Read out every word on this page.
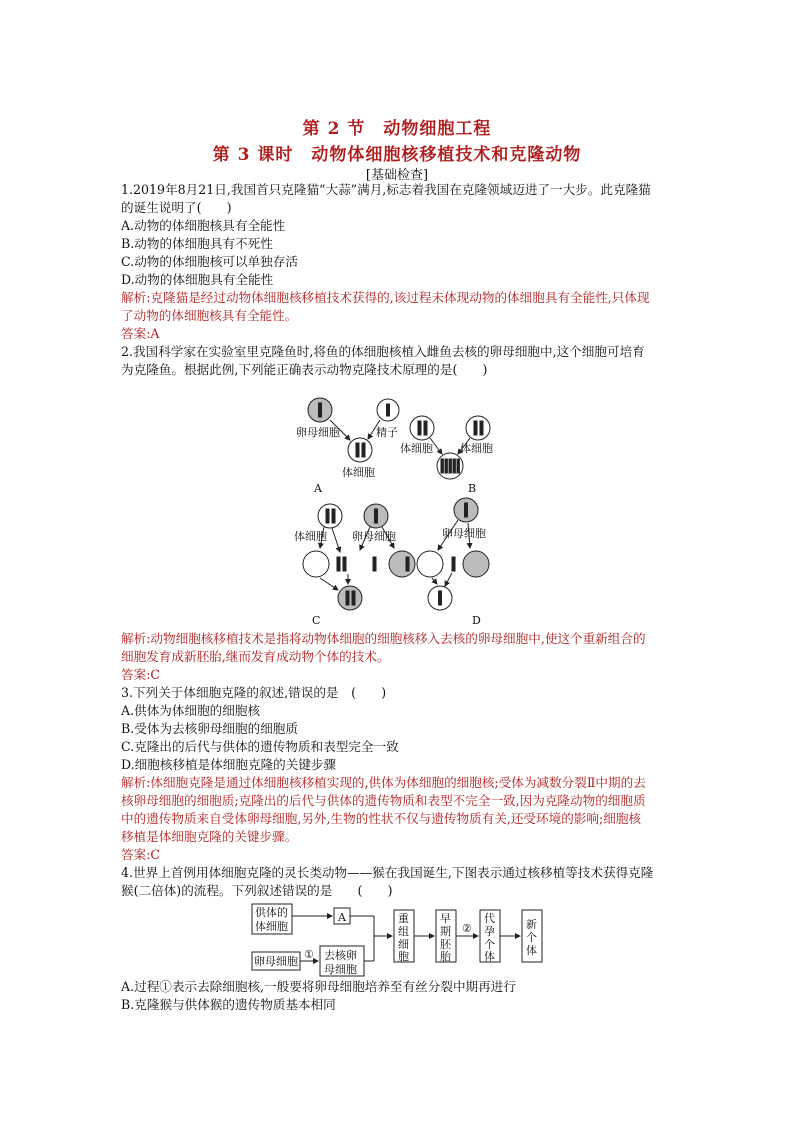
第 2 节　动物细胞工程
第 3 课时　动物体细胞核移植技术和克隆动物
[基础检查]
1.2019年8月21日,我国首只克隆猫“大蒜”满月,标志着我国在克隆领域迈进了一大步。此克隆猫
的诞生说明了(　　)
A.动物的体细胞核具有全能性
B.动物的体细胞具有不死性
C.动物的体细胞核可以单独存活
D.动物的体细胞具有全能性
解析:克隆猫是经过动物体细胞核移植技术获得的,该过程未体现动物的体细胞具有全能性,只体现
了动物的体细胞核具有全能性。
答案:A
2.我国科学家在实验室里克隆鱼时,将鱼的体细胞核植入雌鱼去核的卵母细胞中,这个细胞可培育
为克隆鱼。根据此例,下列能正确表示动物克隆技术原理的是(　　)
卵母细胞	精子
体细胞
体细胞 体细胞
体细胞 卵母细胞	卵母细胞
A	B
C	D
解析:动物细胞核移植技术是指将动物体细胞的细胞核移入去核的卵母细胞中,使这个重新组合的
细胞发育成新胚胎,继而发育成动物个体的技术。
答案:C
3.下列关于体细胞克隆的叙述,错误的是　(　　)
A.供体为体细胞的细胞核
B.受体为去核卵母细胞的细胞质
C.克隆出的后代与供体的遗传物质和表型完全一致
D.细胞核移植是体细胞克隆的关键步骤
解析:体细胞克隆是通过体细胞核移植实现的,供体为体细胞的细胞核;受体为减数分裂Ⅱ中期的去
核卵母细胞的细胞质;克隆出的后代与供体的遗传物质和表型不完全一致,因为克隆动物的细胞质
中的遗传物质来自受体卵母细胞,另外,生物的性状不仅与遗传物质有关,还受环境的影响;细胞核
移植是体细胞克隆的关键步骤。
答案:C
4.世界上首例用体细胞克隆的灵长类动物——猴在我国诞生,下图表示通过核移植等技术获得克隆
猴(二倍体)的流程。下列叙述错误的是　　(　　)
供体的
体细胞
A
卵母细胞
① 去核卵
母细胞
重
组
细
胞
早
期
胚
胎
②
代
孕
个
体
新
个
体
A.过程①表示去除细胞核,一般要将卵母细胞培养至有丝分裂中期再进行
B.克隆猴与供体猴的遗传物质基本相同
